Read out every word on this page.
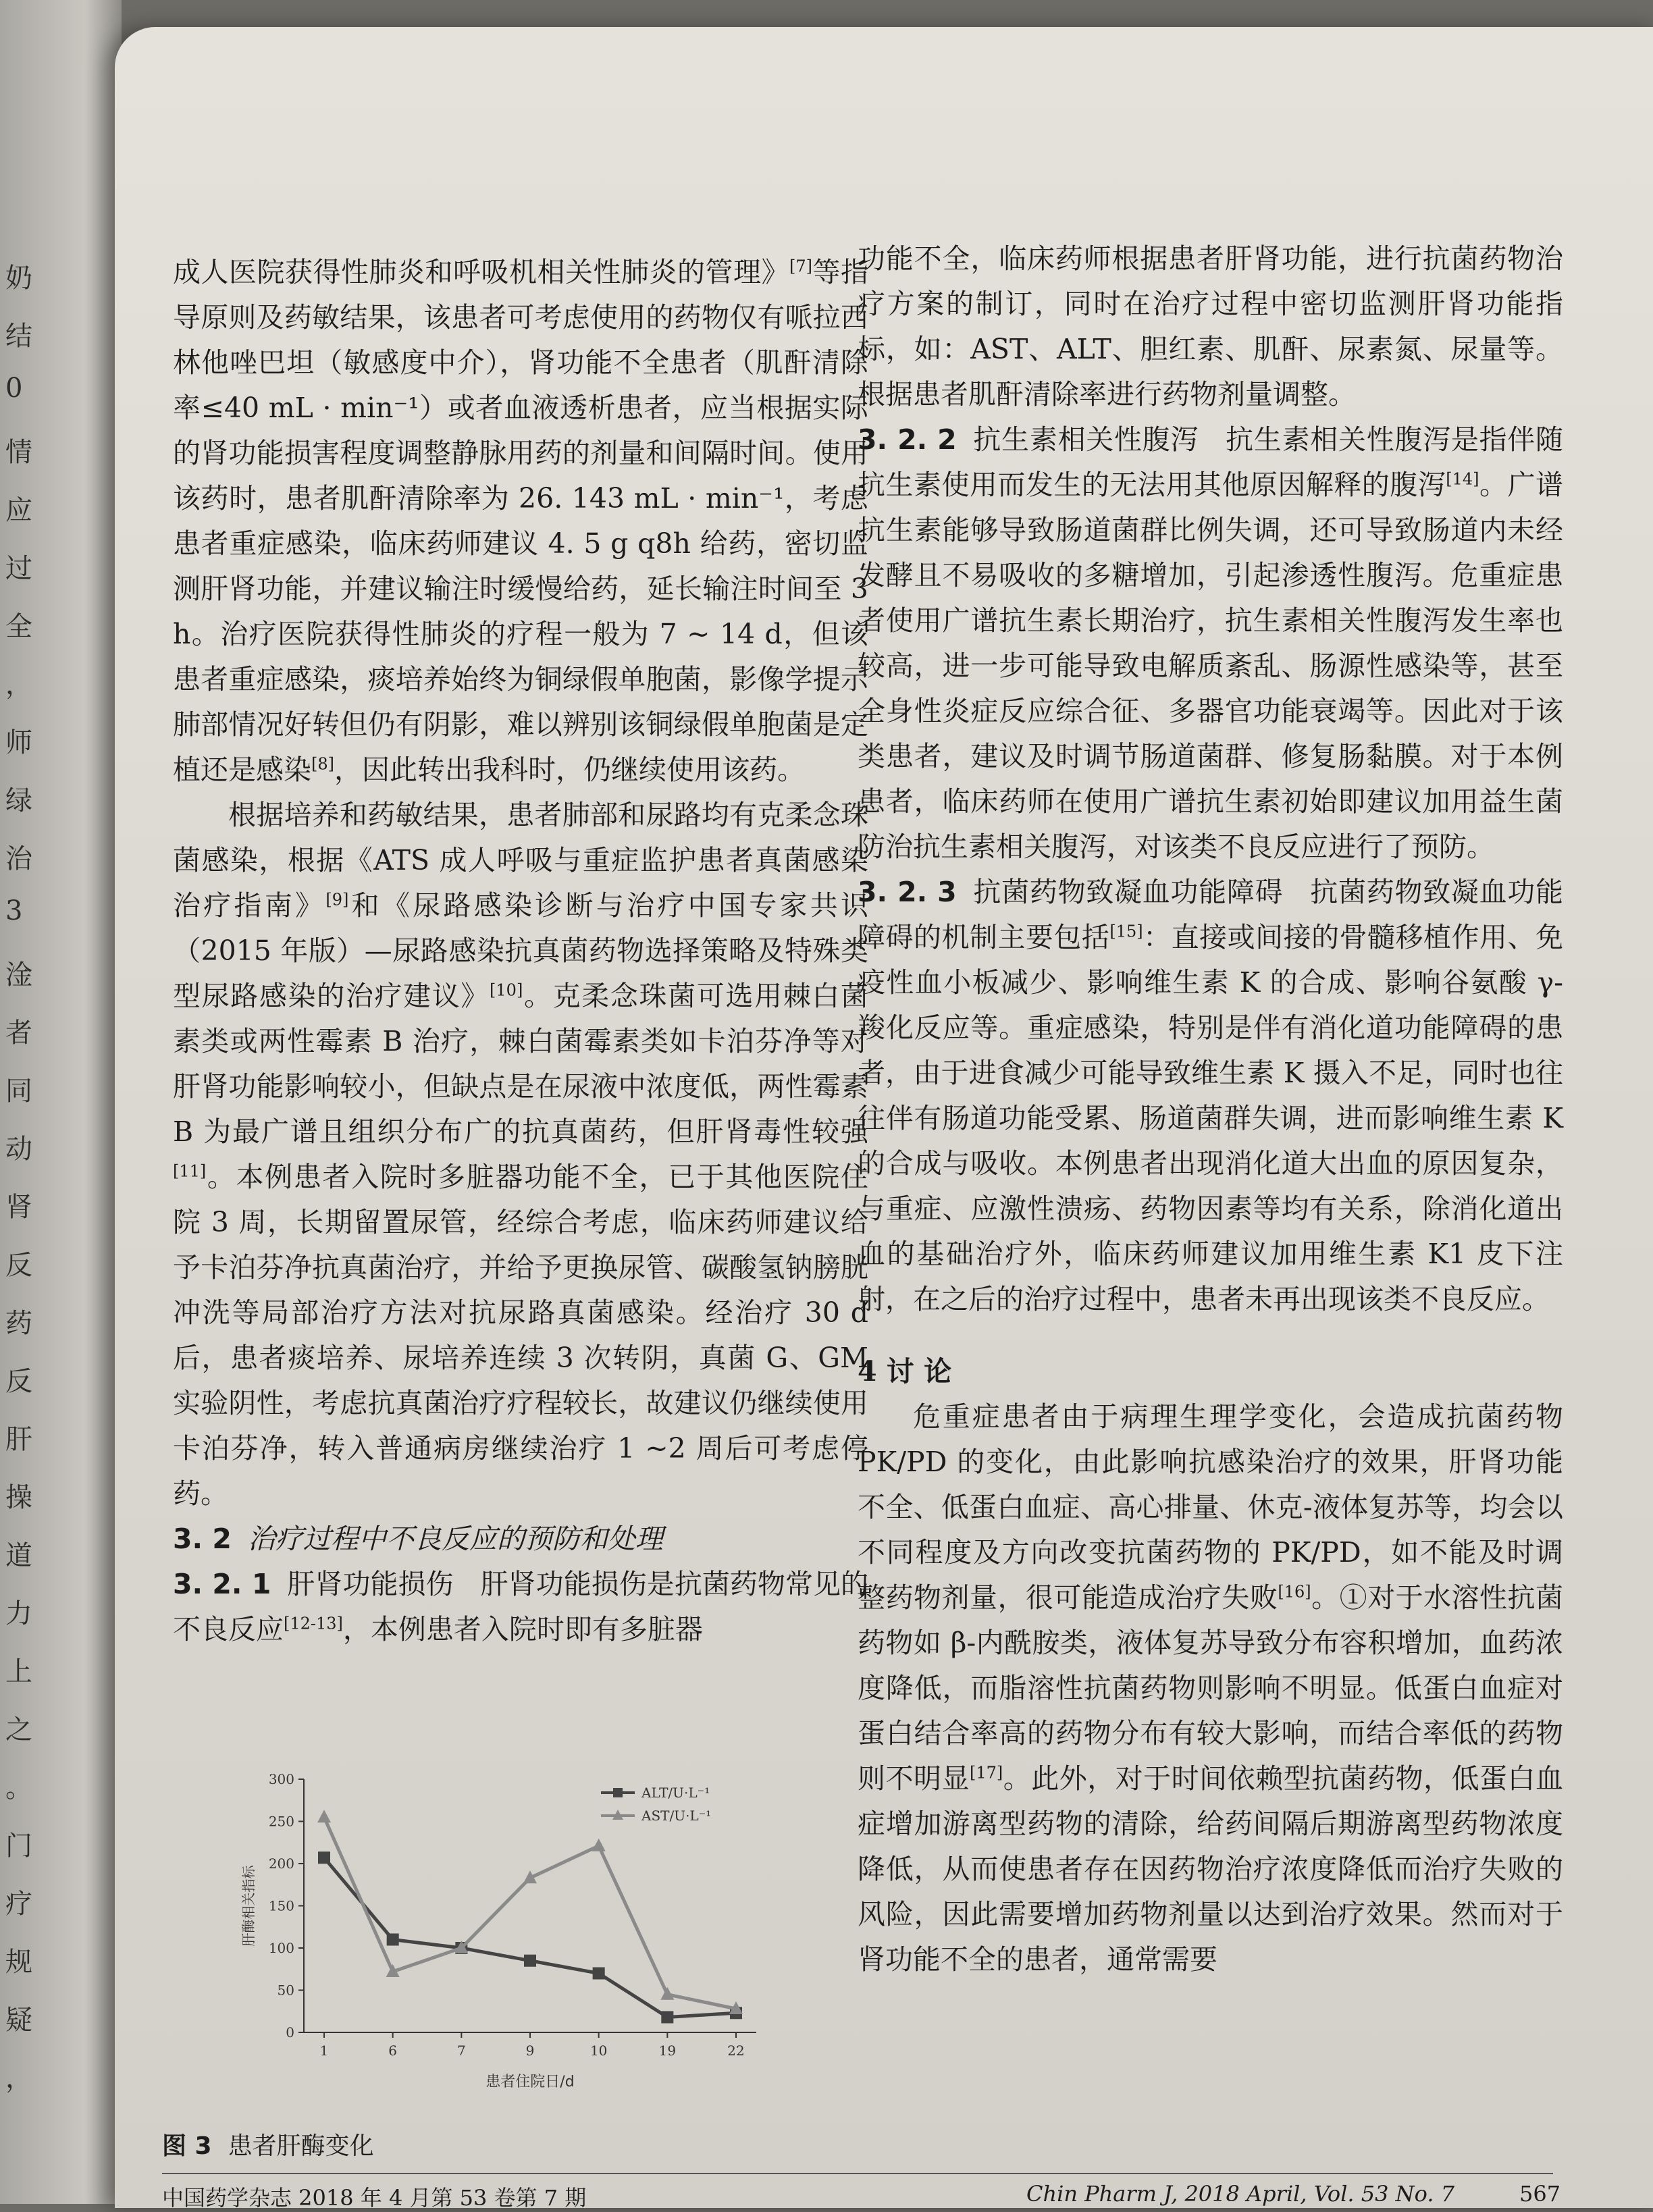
奶
结
0
情
应
过
全
，
师
绿
治
3
淦
者
同
动
肾
反
药
反
肝
操
道
力
上
之
。
门
疗
规
疑
，

成人医院获得性肺炎和呼吸机相关性肺炎的管理》[7]等指导原则及药敏结果，该患者可考虑使用的药物仅有哌拉西林他唑巴坦（敏感度中介），肾功能不全患者（肌酐清除率≤40 mL · min⁻¹）或者血液透析患者，应当根据实际的肾功能损害程度调整静脉用药的剂量和间隔时间。使用该药时，患者肌酐清除率为 26. 143 mL · min⁻¹，考虑患者重症感染，临床药师建议 4. 5 g q8h 给药，密切监测肝肾功能，并建议输注时缓慢给药，延长输注时间至 3 h。治疗医院获得性肺炎的疗程一般为 7 ~ 14 d，但该患者重症感染，痰培养始终为铜绿假单胞菌，影像学提示肺部情况好转但仍有阴影，难以辨别该铜绿假单胞菌是定植还是感染[8]，因此转出我科时，仍继续使用该药。

根据培养和药敏结果，患者肺部和尿路均有克柔念珠菌感染，根据《ATS 成人呼吸与重症监护患者真菌感染治疗指南》[9]和《尿路感染诊断与治疗中国专家共识（2015 年版）—尿路感染抗真菌药物选择策略及特殊类型尿路感染的治疗建议》[10]。克柔念珠菌可选用棘白菌素类或两性霉素 B 治疗，棘白菌霉素类如卡泊芬净等对肝肾功能影响较小，但缺点是在尿液中浓度低，两性霉素 B 为最广谱且组织分布广的抗真菌药，但肝肾毒性较强[11]。本例患者入院时多脏器功能不全，已于其他医院住院 3 周，长期留置尿管，经综合考虑，临床药师建议给予卡泊芬净抗真菌治疗，并给予更换尿管、碳酸氢钠膀胱冲洗等局部治疗方法对抗尿路真菌感染。经治疗 30 d 后，患者痰培养、尿培养连续 3 次转阴，真菌 G、GM 实验阴性，考虑抗真菌治疗疗程较长，故建议仍继续使用卡泊芬净，转入普通病房继续治疗 1 ~2 周后可考虑停药。

3. 2 治疗过程中不良反应的预防和处理

3. 2. 1 肝肾功能损伤 肝肾功能损伤是抗菌药物常见的不良反应[12-13]，本例患者入院时即有多脏器

功能不全，临床药师根据患者肝肾功能，进行抗菌药物治疗方案的制订，同时在治疗过程中密切监测肝肾功能指标，如：AST、ALT、胆红素、肌酐、尿素氮、尿量等。根据患者肌酐清除率进行药物剂量调整。

3. 2. 2 抗生素相关性腹泻 抗生素相关性腹泻是指伴随抗生素使用而发生的无法用其他原因解释的腹泻[14]。广谱抗生素能够导致肠道菌群比例失调，还可导致肠道内未经发酵且不易吸收的多糖增加，引起渗透性腹泻。危重症患者使用广谱抗生素长期治疗，抗生素相关性腹泻发生率也较高，进一步可能导致电解质紊乱、肠源性感染等，甚至全身性炎症反应综合征、多器官功能衰竭等。因此对于该类患者，建议及时调节肠道菌群、修复肠黏膜。对于本例患者，临床药师在使用广谱抗生素初始即建议加用益生菌防治抗生素相关腹泻，对该类不良反应进行了预防。

3. 2. 3 抗菌药物致凝血功能障碍 抗菌药物致凝血功能障碍的机制主要包括[15]：直接或间接的骨髓移植作用、免疫性血小板减少、影响维生素 K 的合成、影响谷氨酸 γ-羧化反应等。重症感染，特别是伴有消化道功能障碍的患者，由于进食减少可能导致维生素 K 摄入不足，同时也往往伴有肠道功能受累、肠道菌群失调，进而影响维生素 K 的合成与吸收。本例患者出现消化道大出血的原因复杂，与重症、应激性溃疡、药物因素等均有关系，除消化道出血的基础治疗外，临床药师建议加用维生素 K1 皮下注射，在之后的治疗过程中，患者未再出现该类不良反应。

4 讨 论

危重症患者由于病理生理学变化，会造成抗菌药物 PK/PD 的变化，由此影响抗感染治疗的效果，肝肾功能不全、低蛋白血症、高心排量、休克-液体复苏等，均会以不同程度及方向改变抗菌药物的 PK/PD，如不能及时调整药物剂量，很可能造成治疗失败[16]。①对于水溶性抗菌药物如 β-内酰胺类，液体复苏导致分布容积增加，血药浓度降低，而脂溶性抗菌药物则影响不明显。低蛋白血症对蛋白结合率高的药物分布有较大影响，而结合率低的药物则不明显[17]。此外，对于时间依赖型抗菌药物，低蛋白血症增加游离型药物的清除，给药间隔后期游离型药物浓度降低，从而使患者存在因药物治疗浓度降低而治疗失败的风险，因此需要增加药物剂量以达到治疗效果。然而对于肾功能不全的患者，通常需要

0
50
100
150
200
250
300
1	6	7	9	10	19	22
患者住院日/d
肝酶相关指标
ALT/U·L⁻¹
AST/U·L⁻¹
图 3 患者肝酶变化
中国药学杂志 2018 年 4 月第 53 卷第 7 期	Chin Pharm J, 2018 April, Vol. 53 No. 7	567
